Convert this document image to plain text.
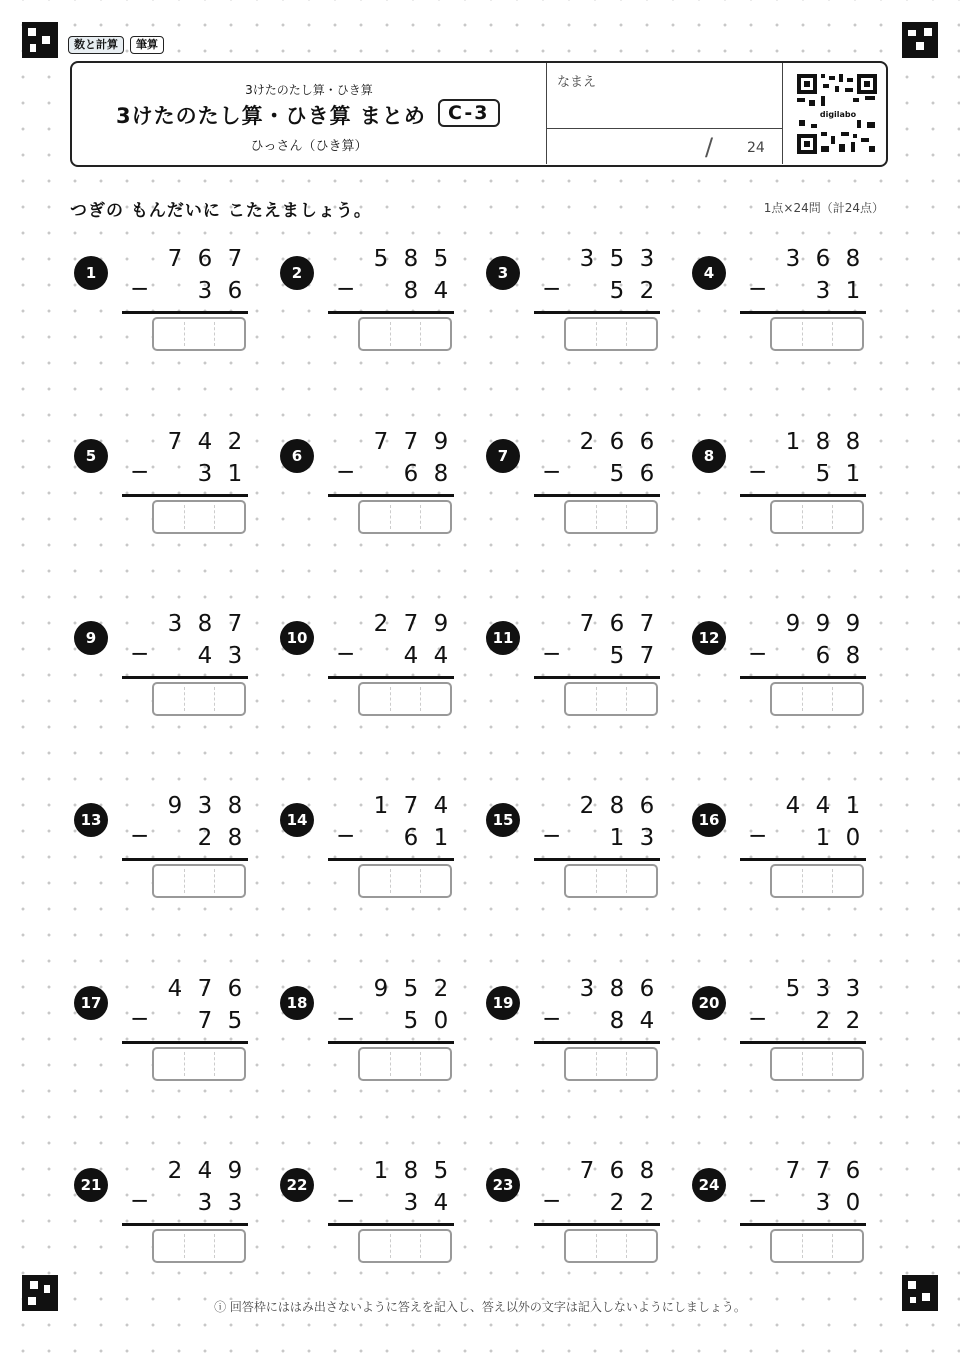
数と計算	筆算
3けたのたし算・ひき算
3けたのたし算・ひき算 まとめ	C-3
ひっさん（ひき算）
なまえ
/ 24
digilabo
つぎの もんだいに こたえましょう。	1点×24問（計24点）
1
7 6 7
−	3 6
2
5 8 5
−	8 4
3
3 5 3
−	5 2
4
3 6 8
−	3 1
5
7 4 2
−	3 1
6
7 7 9
−	6 8
7
2 6 6
−	5 6
8
1 8 8
−	5 1
9
3 8 7
−	4 3
10
2 7 9
−	4 4
11
7 6 7
−	5 7
12
9 9 9
−	6 8
13
9 3 8
−	2 8
14
1 7 4
−	6 1
15
2 8 6
−	1 3
16
4 4 1
−	1 0
17
4 7 6
−	7 5
18
9 5 2
−	5 0
19
3 8 6
−	8 4
20
5 3 3
−	2 2
21
2 4 9
−	3 3
22
1 8 5
−	3 4
23
7 6 8
−	2 2
24
7 7 6
−	3 0
ⓘ 回答枠にははみ出さないように答えを記入し、答え以外の文字は記入しないようにしましょう。
